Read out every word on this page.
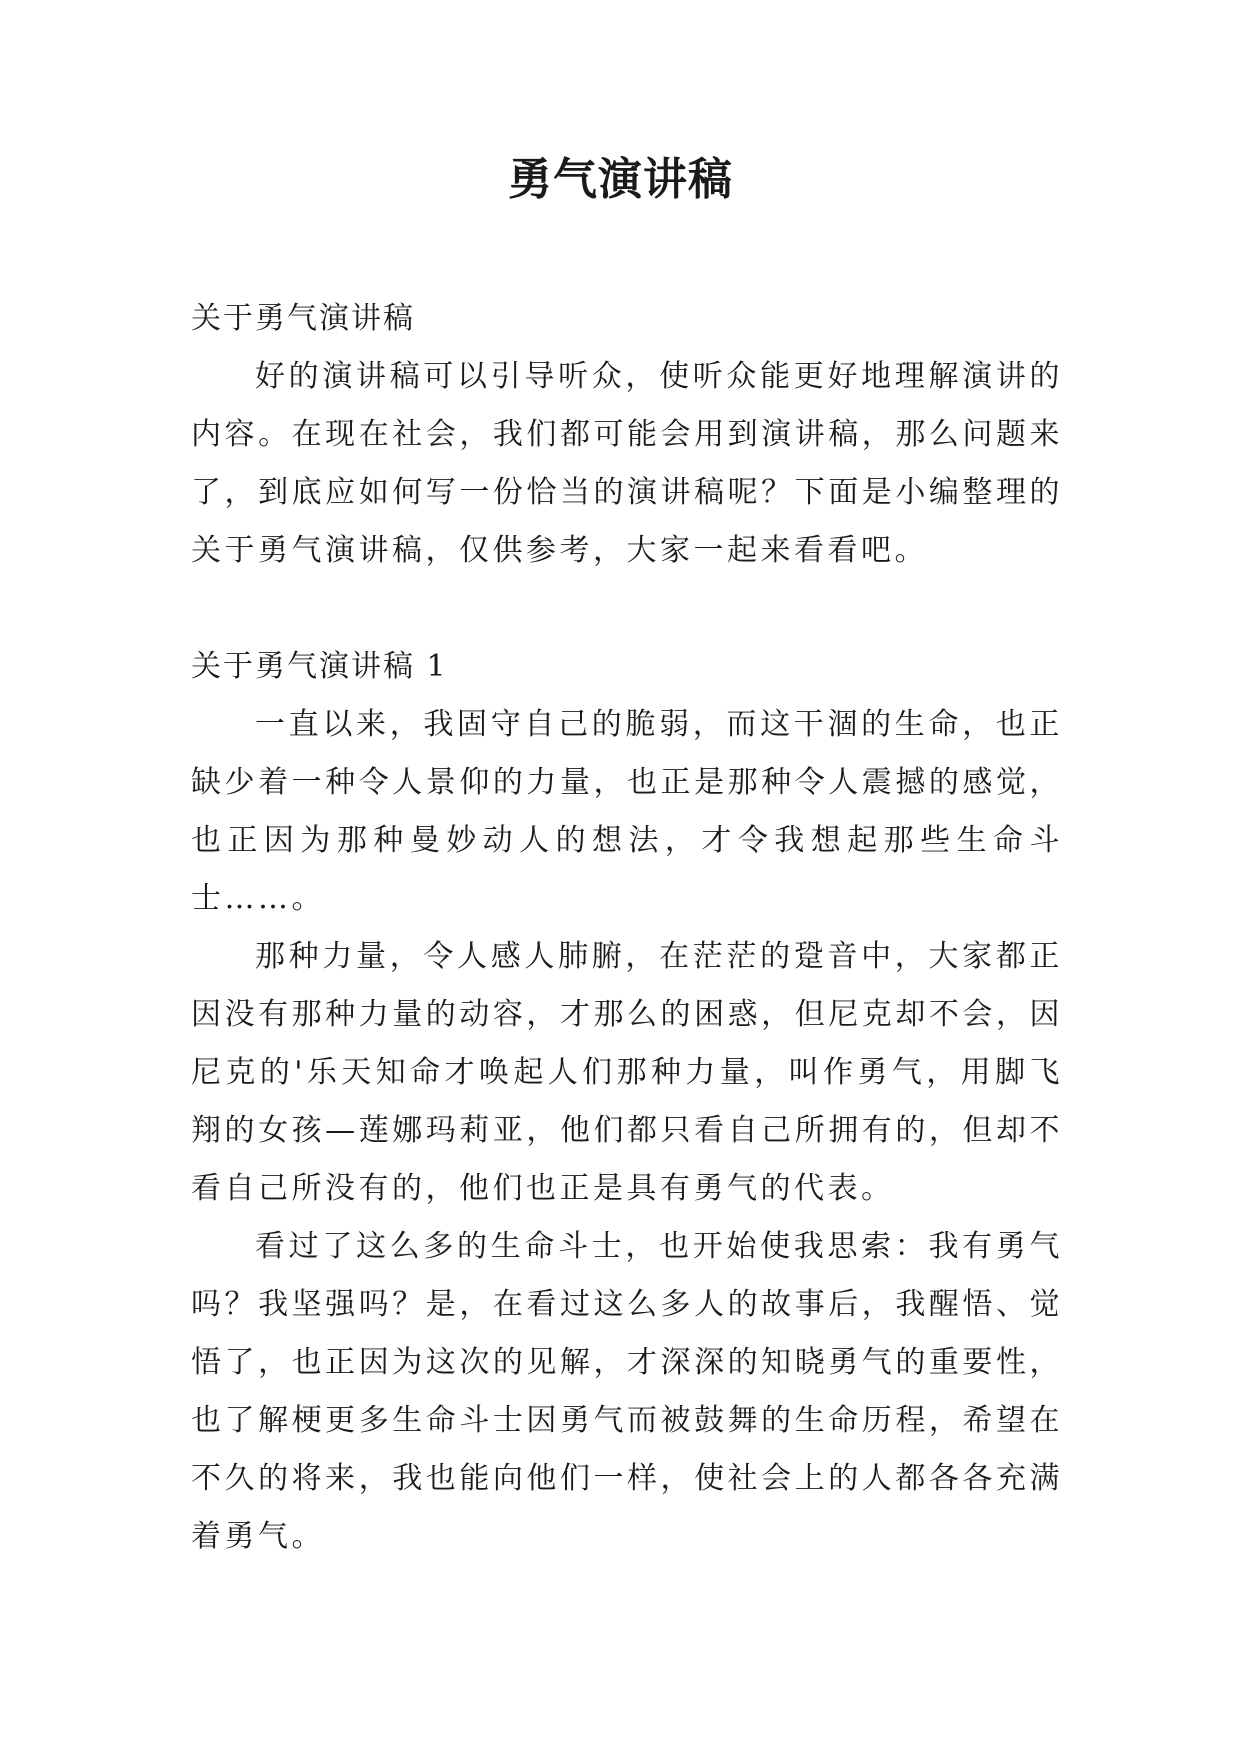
勇气演讲稿
关于勇气演讲稿

好的演讲稿可以引导听众，使听众能更好地理解演讲的内容。在现在社会，我们都可能会用到演讲稿，那么问题来了，到底应如何写一份恰当的演讲稿呢？下面是小编整理的关于勇气演讲稿，仅供参考，大家一起来看看吧。

关于勇气演讲稿 1

一直以来，我固守自己的脆弱，而这干涸的生命，也正缺少着一种令人景仰的力量，也正是那种令人震撼的感觉，也正因为那种曼妙动人的想法，才令我想起那些生命斗士……。

那种力量，令人感人肺腑，在茫茫的跫音中，大家都正因没有那种力量的动容，才那么的困惑，但尼克却不会，因尼克的'乐天知命才唤起人们那种力量，叫作勇气，用脚飞翔的女孩—莲娜玛莉亚，他们都只看自己所拥有的，但却不看自己所没有的，他们也正是具有勇气的代表。

看过了这么多的生命斗士，也开始使我思索：我有勇气吗？我坚强吗？是，在看过这么多人的故事后，我醒悟、觉悟了，也正因为这次的见解，才深深的知晓勇气的重要性，也了解梗更多生命斗士因勇气而被鼓舞的生命历程，希望在不久的将来，我也能向他们一样，使社会上的人都各各充满着勇气。
